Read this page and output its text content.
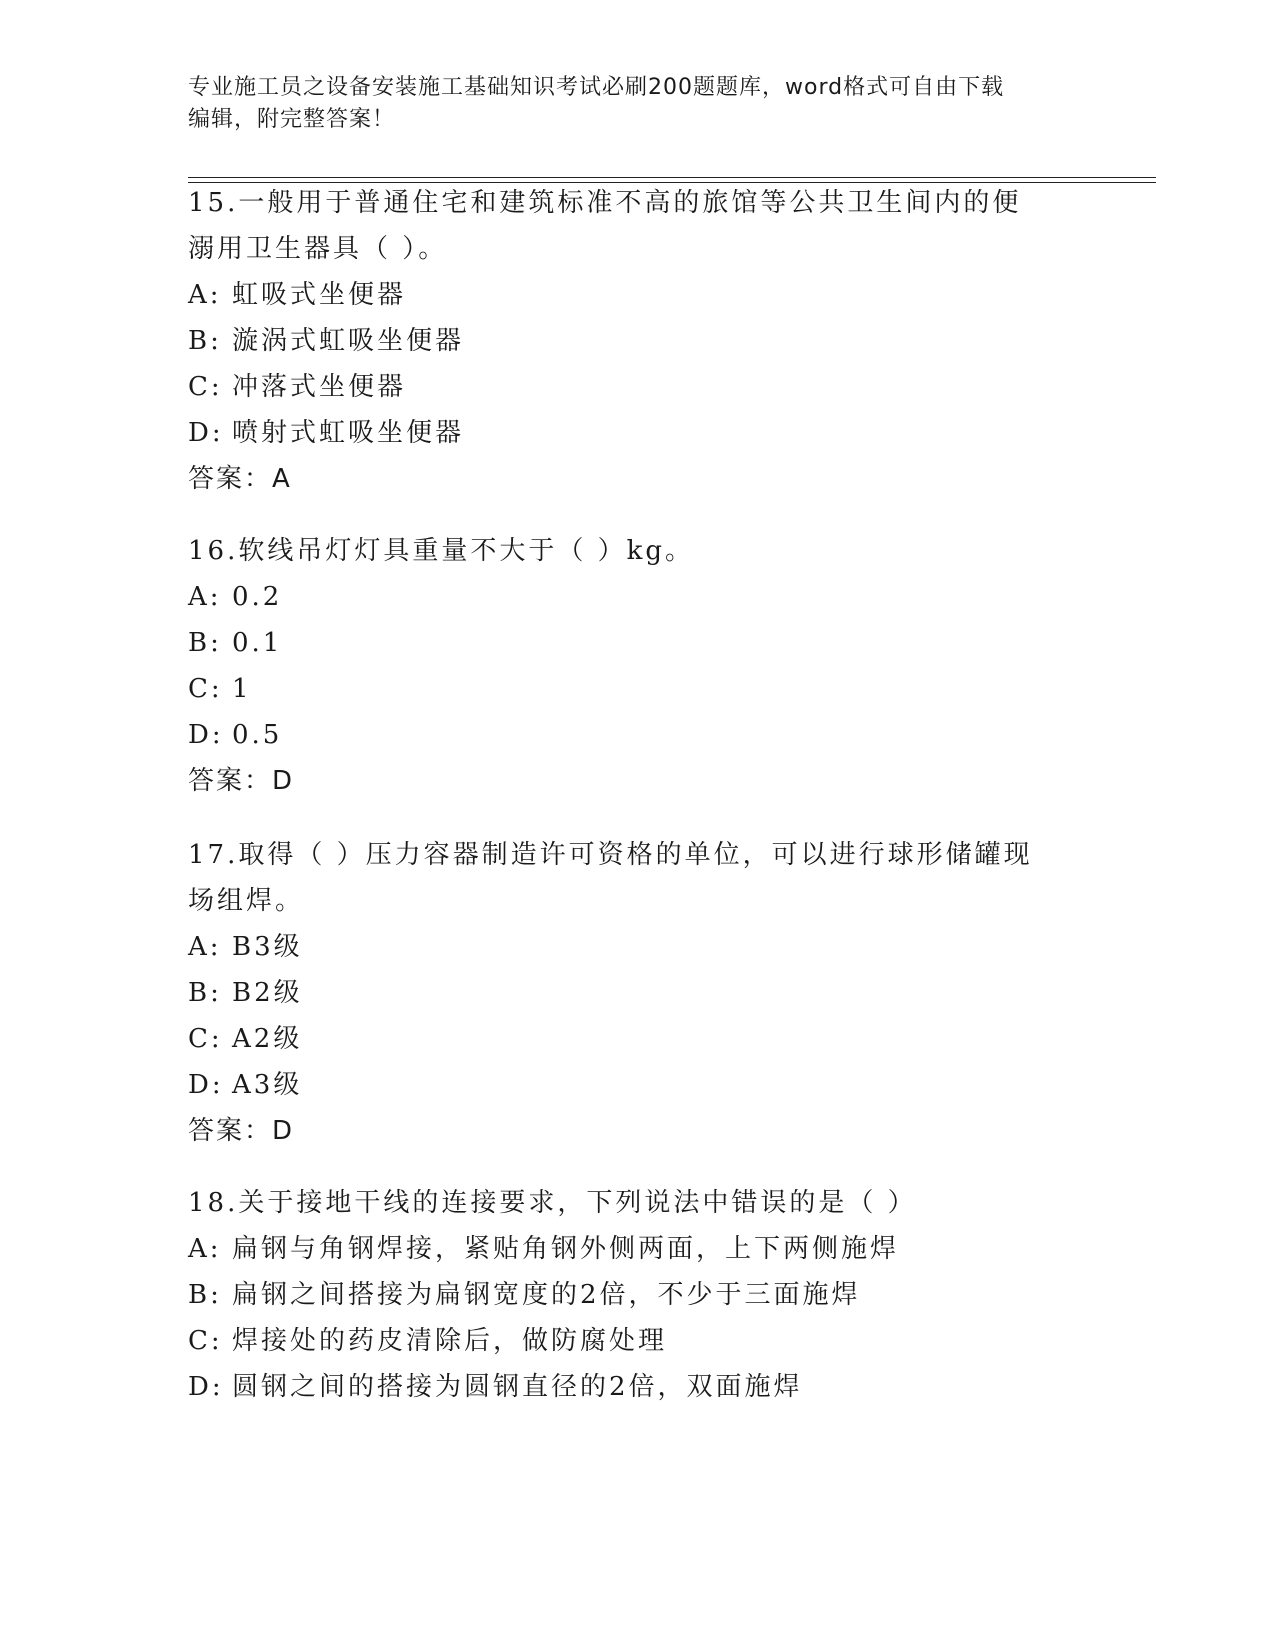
专业施工员之设备安装施工基础知识考试必刷200题题库，word格式可自由下载
编辑，附完整答案！

15.一般用于普通住宅和建筑标准不高的旅馆等公共卫生间内的便溺用卫生器具（ ）。

A: 虹吸式坐便器
B: 漩涡式虹吸坐便器
C: 冲落式坐便器
D: 喷射式虹吸坐便器
答案：A

16.软线吊灯灯具重量不大于（ ）kg。

A: 0.2
B: 0.1
C: 1
D: 0.5
答案：D

17.取得（ ）压力容器制造许可资格的单位，可以进行球形储罐现场组焊。

A: B3级
B: B2级
C: A2级
D: A3级
答案：D

18.关于接地干线的连接要求，下列说法中错误的是（ ）

A: 扁钢与角钢焊接，紧贴角钢外侧两面，上下两侧施焊
B: 扁钢之间搭接为扁钢宽度的2倍，不少于三面施焊
C: 焊接处的药皮清除后，做防腐处理
D: 圆钢之间的搭接为圆钢直径的2倍，双面施焊
